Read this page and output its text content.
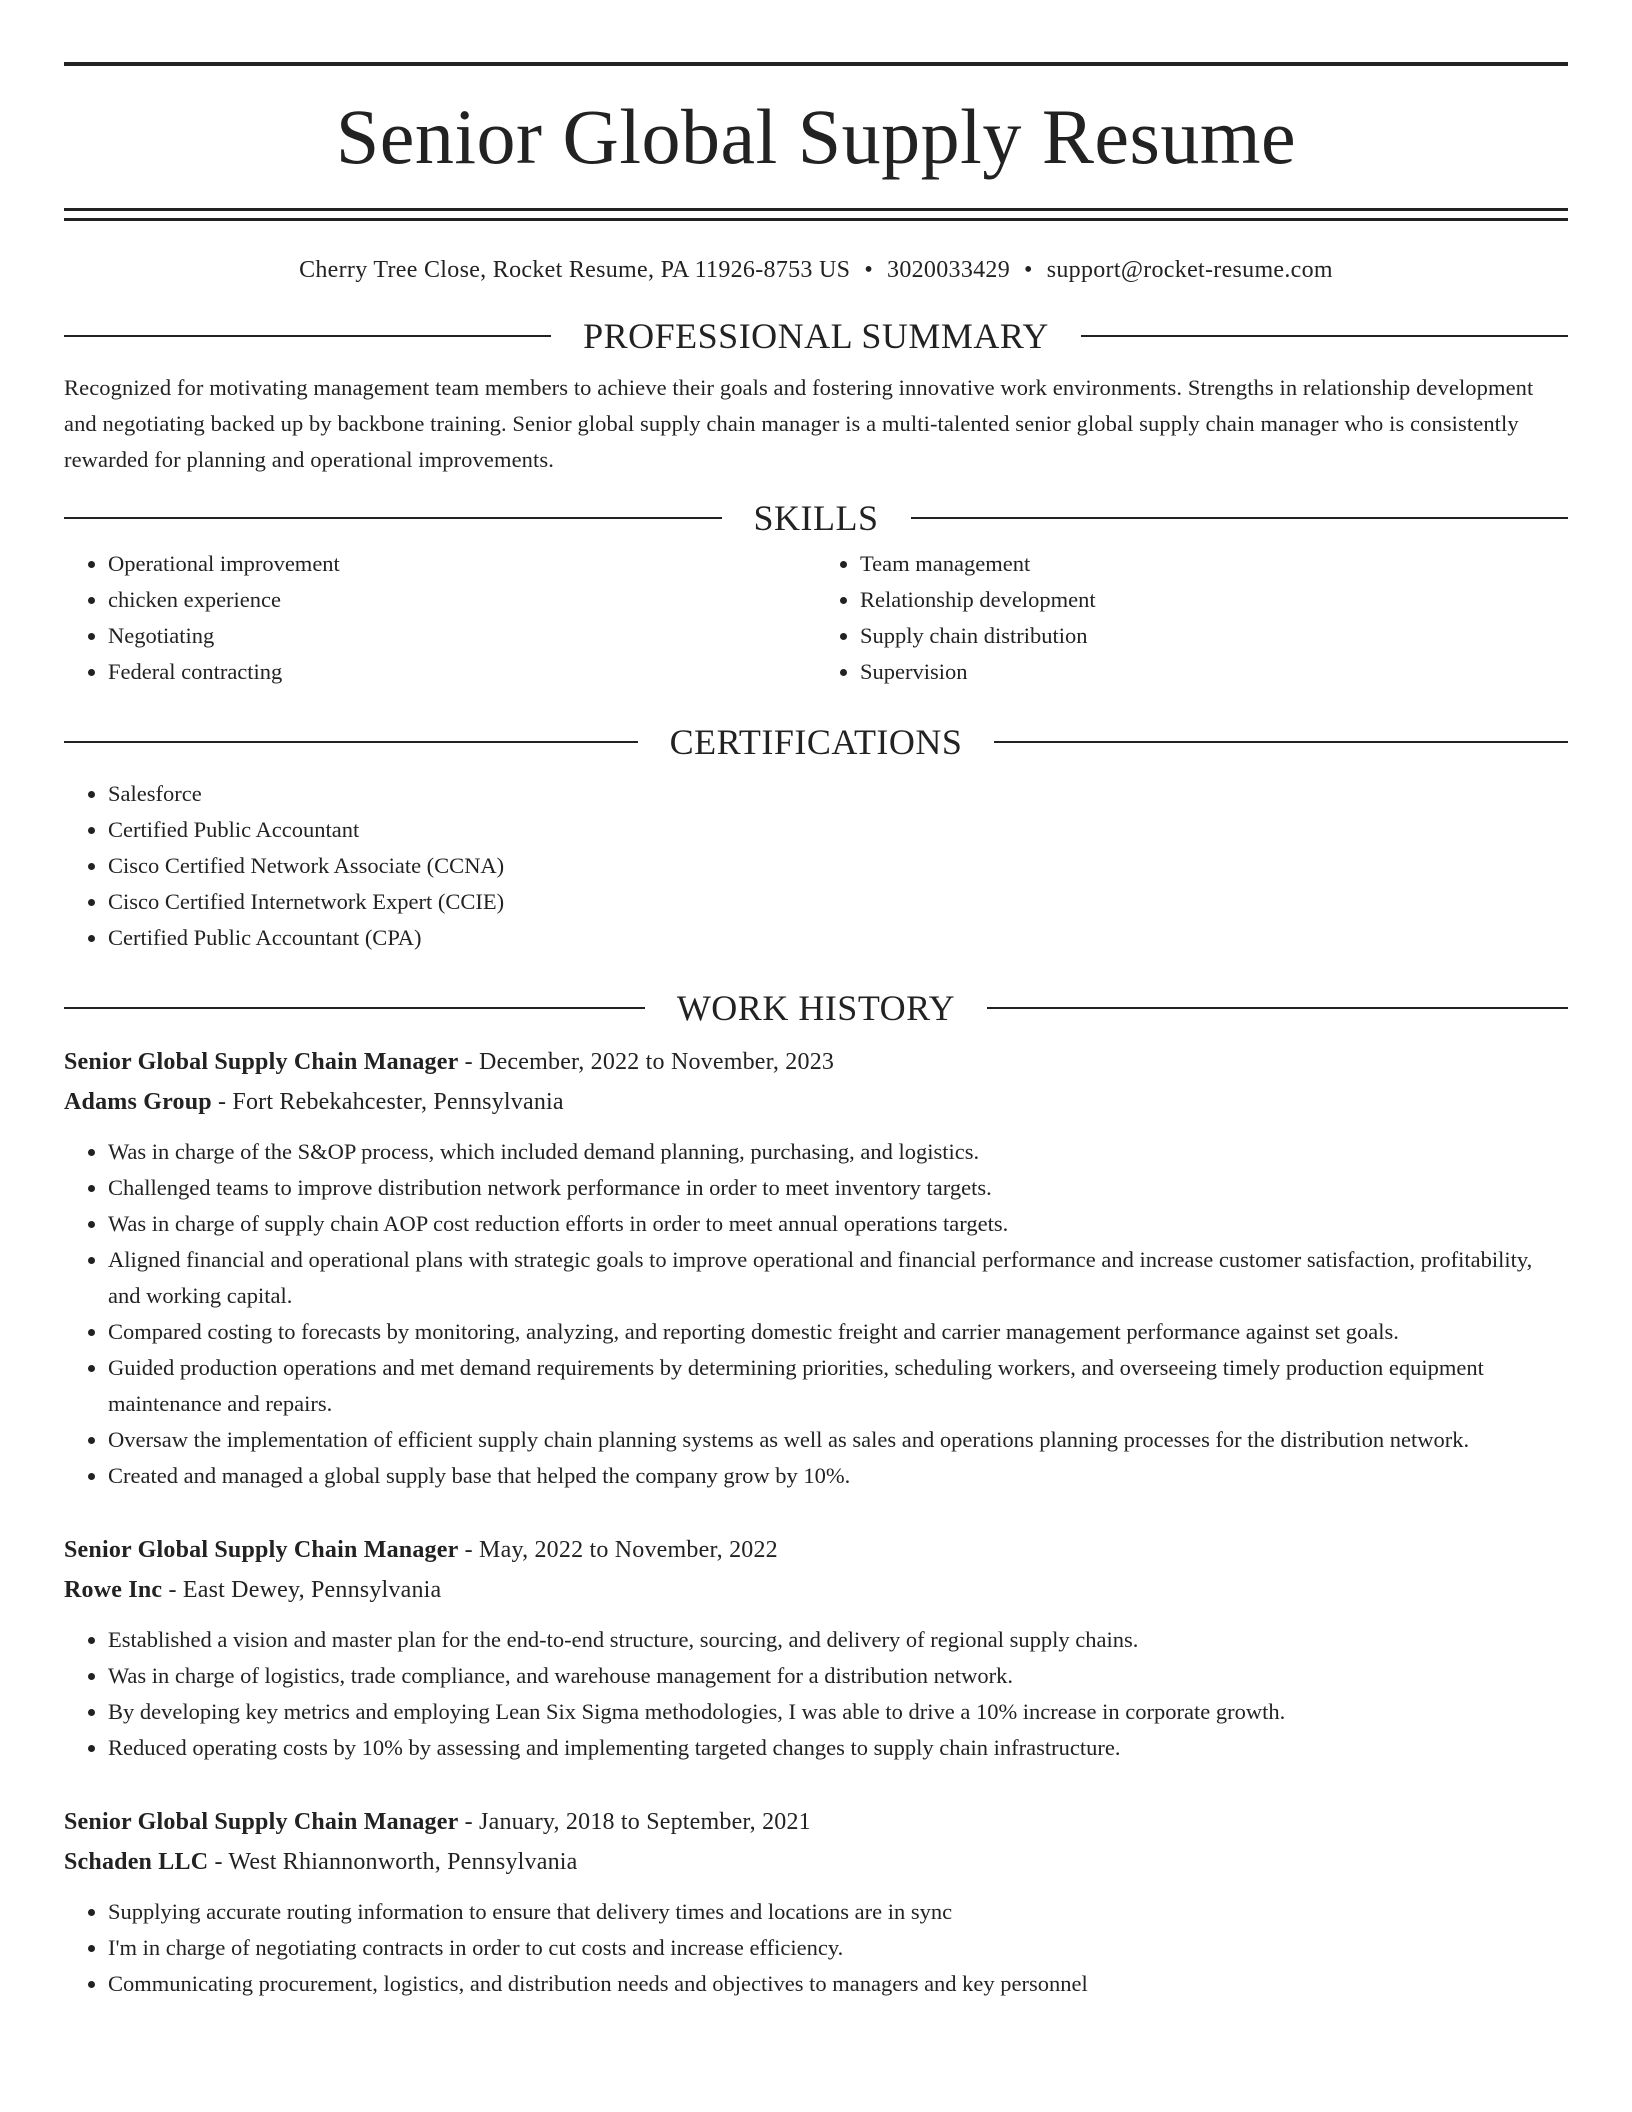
Senior Global Supply Resume
Cherry Tree Close, Rocket Resume, PA 11926-8753 US • 3020033429 • support@rocket-resume.com
PROFESSIONAL SUMMARY

Recognized for motivating management team members to achieve their goals and fostering innovative work environments. Strengths in relationship development and negotiating backed up by backbone training. Senior global supply chain manager is a multi-talented senior global supply chain manager who is consistently rewarded for planning and operational improvements.

SKILLS
• Operational improvement
• chicken experience
• Negotiating
• Federal contracting
• Team management
• Relationship development
• Supply chain distribution
• Supervision
CERTIFICATIONS
• Salesforce
• Certified Public Accountant
• Cisco Certified Network Associate (CCNA)
• Cisco Certified Internetwork Expert (CCIE)
• Certified Public Accountant (CPA)
WORK HISTORY
Senior Global Supply Chain Manager - December, 2022 to November, 2023
Adams Group - Fort Rebekahcester, Pennsylvania
• Was in charge of the S&OP process, which included demand planning, purchasing, and logistics.
• Challenged teams to improve distribution network performance in order to meet inventory targets.
• Was in charge of supply chain AOP cost reduction efforts in order to meet annual operations targets.
• Aligned financial and operational plans with strategic goals to improve operational and financial performance and increase customer satisfaction, profitability, and working capital.
• Compared costing to forecasts by monitoring, analyzing, and reporting domestic freight and carrier management performance against set goals.
• Guided production operations and met demand requirements by determining priorities, scheduling workers, and overseeing timely production equipment maintenance and repairs.
• Oversaw the implementation of efficient supply chain planning systems as well as sales and operations planning processes for the distribution network.
• Created and managed a global supply base that helped the company grow by 10%.
Senior Global Supply Chain Manager - May, 2022 to November, 2022
Rowe Inc - East Dewey, Pennsylvania
• Established a vision and master plan for the end-to-end structure, sourcing, and delivery of regional supply chains.
• Was in charge of logistics, trade compliance, and warehouse management for a distribution network.
• By developing key metrics and employing Lean Six Sigma methodologies, I was able to drive a 10% increase in corporate growth.
• Reduced operating costs by 10% by assessing and implementing targeted changes to supply chain infrastructure.
Senior Global Supply Chain Manager - January, 2018 to September, 2021
Schaden LLC - West Rhiannonworth, Pennsylvania
• Supplying accurate routing information to ensure that delivery times and locations are in sync
• I'm in charge of negotiating contracts in order to cut costs and increase efficiency.
• Communicating procurement, logistics, and distribution needs and objectives to managers and key personnel
